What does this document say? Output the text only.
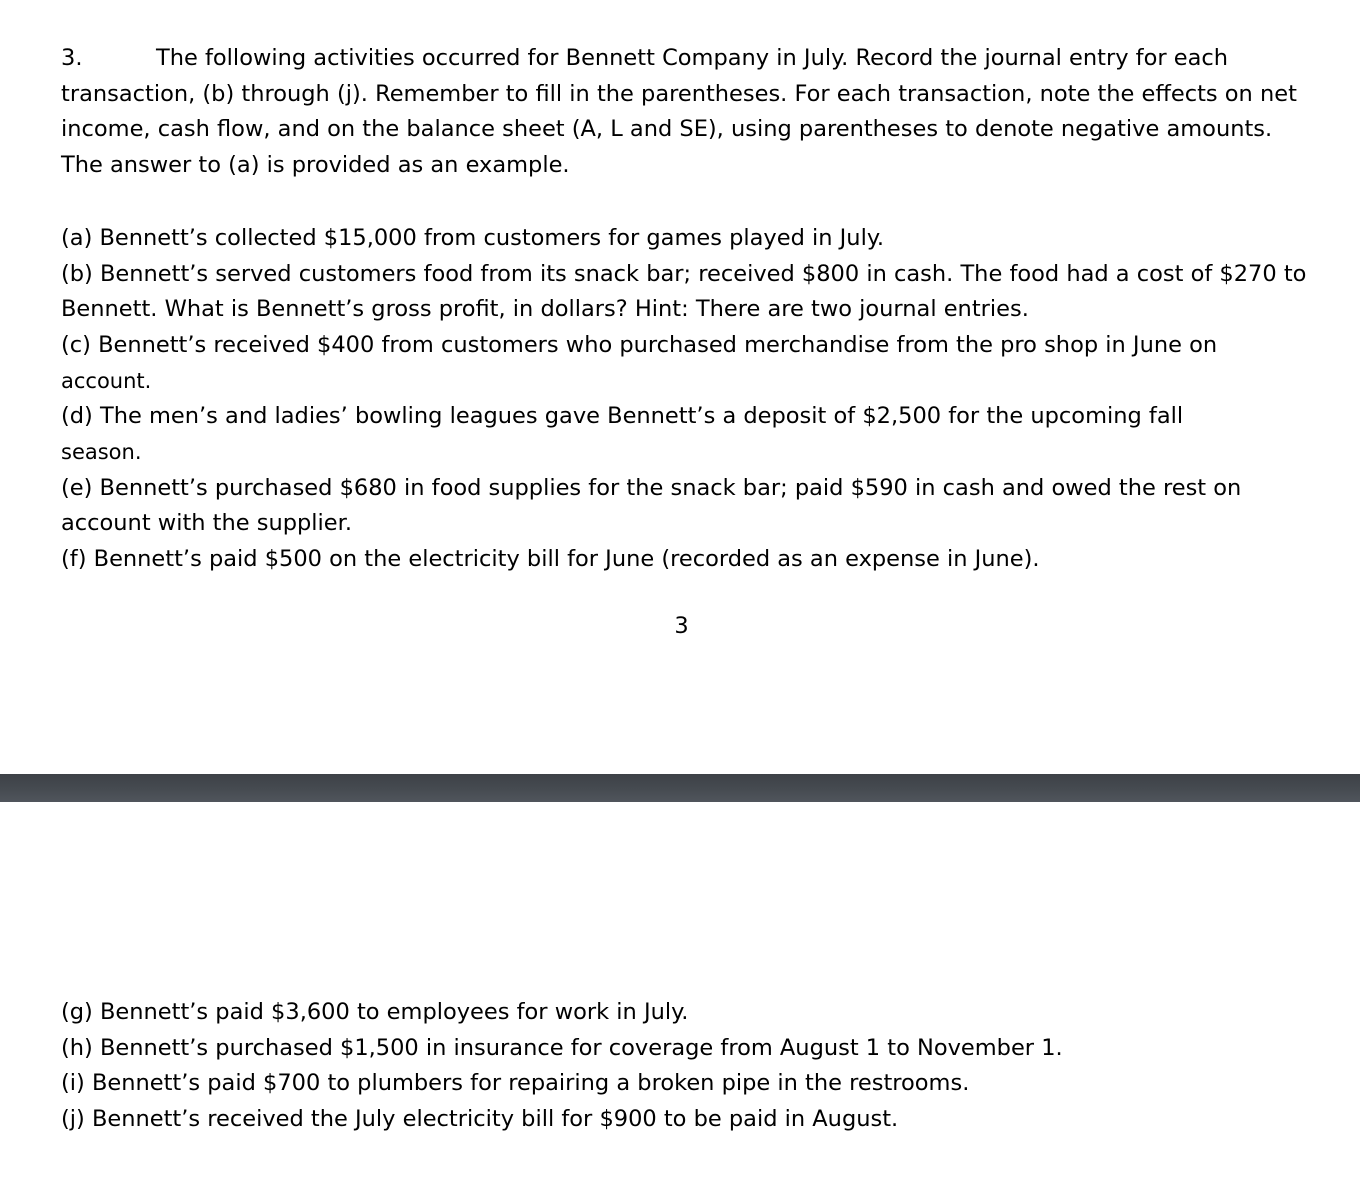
3.	The following activities occurred for Bennett Company in July. Record the journal entry for each transaction, (b) through (j). Remember to fill in the parentheses. For each transaction, note the effects on net income, cash flow, and on the balance sheet (A, L and SE), using parentheses to denote negative amounts. The answer to (a) is provided as an example.

(a) Bennett’s collected $15,000 from customers for games played in July.
(b) Bennett’s served customers food from its snack bar; received $800 in cash. The food had a cost of $270 to Bennett. What is Bennett’s gross profit, in dollars? Hint: There are two journal entries.
(c) Bennett’s received $400 from customers who purchased merchandise from the pro shop in June on
account.
(d) The men’s and ladies’ bowling leagues gave Bennett’s a deposit of $2,500 for the upcoming fall
season.
(e) Bennett’s purchased $680 in food supplies for the snack bar; paid $590 in cash and owed the rest on account with the supplier.
(f) Bennett’s paid $500 on the electricity bill for June (recorded as an expense in June).
3
(g) Bennett’s paid $3,600 to employees for work in July.
(h) Bennett’s purchased $1,500 in insurance for coverage from August 1 to November 1.
(i) Bennett’s paid $700 to plumbers for repairing a broken pipe in the restrooms.
(j) Bennett’s received the July electricity bill for $900 to be paid in August.
